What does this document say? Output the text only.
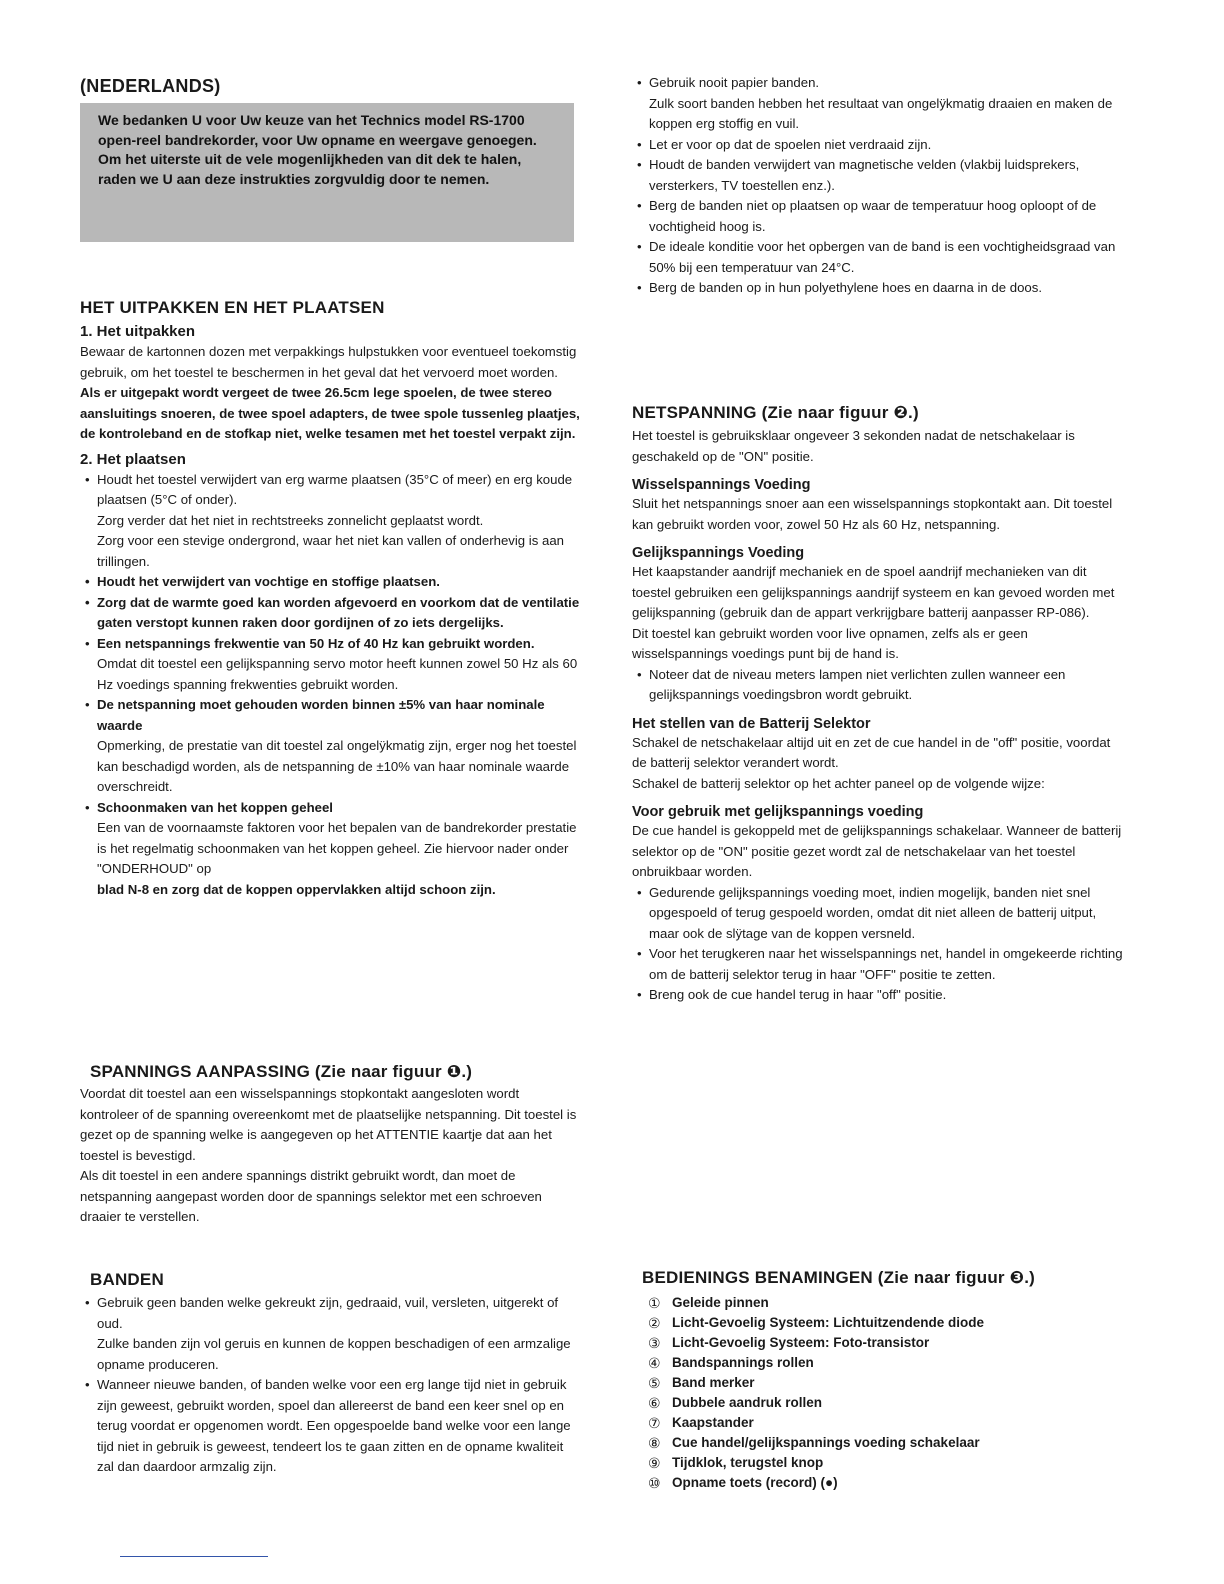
(NEDERLANDS)

We bedanken U voor Uw keuze van het Technics model RS-1700 open-reel bandrekorder, voor Uw opname en weergave genoegen.

Om het uiterste uit de vele mogenlijkheden van dit dek te halen, raden we U aan deze instrukties zorgvuldig door te nemen.

HET UITPAKKEN EN HET PLAATSEN
1. Het uitpakken

Bewaar de kartonnen dozen met verpakkings hulpstukken voor eventueel toekomstig gebruik, om het toestel te beschermen in het geval dat het vervoerd moet worden.

Als er uitgepakt wordt vergeet de twee 26.5cm lege spoelen, de twee stereo aansluitings snoeren, de twee spoel adapters, de twee spole tussenleg plaatjes, de kontroleband en de stofkap niet, welke tesamen met het toestel verpakt zijn.

2. Het plaatsen
• Houdt het toestel verwijdert van erg warme plaatsen (35°C of meer) en erg koude plaatsen (5°C of onder).
Zorg verder dat het niet in rechtstreeks zonnelicht geplaatst wordt.
Zorg voor een stevige ondergrond, waar het niet kan vallen of onderhevig is aan trillingen.
• Houdt het verwijdert van vochtige en stoffige plaatsen.
• Zorg dat de warmte goed kan worden afgevoerd en voorkom dat de ventilatie gaten verstopt kunnen raken door gordijnen of zo iets dergelijks.
• Een netspannings frekwentie van 50 Hz of 40 Hz kan gebruikt worden.
Omdat dit toestel een gelijkspanning servo motor heeft kunnen zowel 50 Hz als 60 Hz voedings spanning frekwenties gebruikt worden.
• De netspanning moet gehouden worden binnen ±5% van haar nominale waarde
Opmerking, de prestatie van dit toestel zal ongelÿkmatig zijn, erger nog het toestel kan beschadigd worden, als de netspanning de ±10% van haar nominale waarde overschreidt.
• Schoonmaken van het koppen geheel
Een van de voornaamste faktoren voor het bepalen van de bandrekorder prestatie is het regelmatig schoonmaken van het koppen geheel. Zie hiervoor nader onder "ONDERHOUD" op
blad N-8 en zorg dat de koppen oppervlakken altijd schoon zijn.
SPANNINGS AANPASSING (Zie naar figuur ❶.)

Voordat dit toestel aan een wisselspannings stopkontakt aangesloten wordt kontroleer of de spanning overeenkomt met de plaatselijke netspanning. Dit toestel is gezet op de spanning welke is aangegeven op het ATTENTIE kaartje dat aan het toestel is bevestigd.

Als dit toestel in een andere spannings distrikt gebruikt wordt, dan moet de netspanning aangepast worden door de spannings selektor met een schroeven draaier te verstellen.

BANDEN
• Gebruik geen banden welke gekreukt zijn, gedraaid, vuil, versleten, uitgerekt of oud.
Zulke banden zijn vol geruis en kunnen de koppen beschadigen of een armzalige opname produceren.
• Wanneer nieuwe banden, of banden welke voor een erg lange tijd niet in gebruik zijn geweest, gebruikt worden, spoel dan allereerst de band een keer snel op en terug voordat er opgenomen wordt. Een opgespoelde band welke voor een lange tijd niet in gebruik is geweest, tendeert los te gaan zitten en de opname kwaliteit zal dan daardoor armzalig zijn.
• Gebruik nooit papier banden.
Zulk soort banden hebben het resultaat van ongelÿkmatig draaien en maken de koppen erg stoffig en vuil.
• Let er voor op dat de spoelen niet verdraaid zijn.
• Houdt de banden verwijdert van magnetische velden (vlakbij luidsprekers, versterkers, TV toestellen enz.).
• Berg de banden niet op plaatsen op waar de temperatuur hoog oploopt of de vochtigheid hoog is.
• De ideale konditie voor het opbergen van de band is een vochtigheidsgraad van 50% bij een temperatuur van 24°C.
• Berg de banden op in hun polyethylene hoes en daarna in de doos.
NETSPANNING (Zie naar figuur ❷.)

Het toestel is gebruiksklaar ongeveer 3 sekonden nadat de netschakelaar is geschakeld op de "ON" positie.

Wisselspannings Voeding

Sluit het netspannings snoer aan een wisselspannings stopkontakt aan. Dit toestel kan gebruikt worden voor, zowel 50 Hz als 60 Hz, netspanning.

Gelijkspannings Voeding

Het kaapstander aandrijf mechaniek en de spoel aandrijf mechanieken van dit toestel gebruiken een gelijkspannings aandrijf systeem en kan gevoed worden met gelijkspanning (gebruik dan de appart verkrijgbare batterij aanpasser RP-086).

Dit toestel kan gebruikt worden voor live opnamen, zelfs als er geen wisselspannings voedings punt bij de hand is.

• Noteer dat de niveau meters lampen niet verlichten zullen wanneer een gelijkspannings voedingsbron wordt gebruikt.
Het stellen van de Batterij Selektor

Schakel de netschakelaar altijd uit en zet de cue handel in de "off" positie, voordat de batterij selektor verandert wordt.

Schakel de batterij selektor op het achter paneel op de volgende wijze:

Voor gebruik met gelijkspannings voeding

De cue handel is gekoppeld met de gelijkspannings schakelaar. Wanneer de batterij selektor op de "ON" positie gezet wordt zal de netschakelaar van het toestel onbruikbaar worden.

• Gedurende gelijkspannings voeding moet, indien mogelijk, banden niet snel opgespoeld of terug gespoeld worden, omdat dit niet alleen de batterij uitput, maar ook de slÿtage van de koppen versneld.
• Voor het terugkeren naar het wisselspannings net, handel in omgekeerde richting om de batterij selektor terug in haar "OFF" positie te zetten.
• Breng ook de cue handel terug in haar "off" positie.
BEDIENINGS BENAMINGEN (Zie naar figuur ❸.)
① Geleide pinnen
② Licht-Gevoelig Systeem: Lichtuitzendende diode
③ Licht-Gevoelig Systeem: Foto-transistor
④ Bandspannings rollen
⑤ Band merker
⑥ Dubbele aandruk rollen
⑦ Kaapstander
⑧ Cue handel/gelijkspannings voeding schakelaar
⑨ Tijdklok, terugstel knop
⑩ Opname toets (record) (●)
